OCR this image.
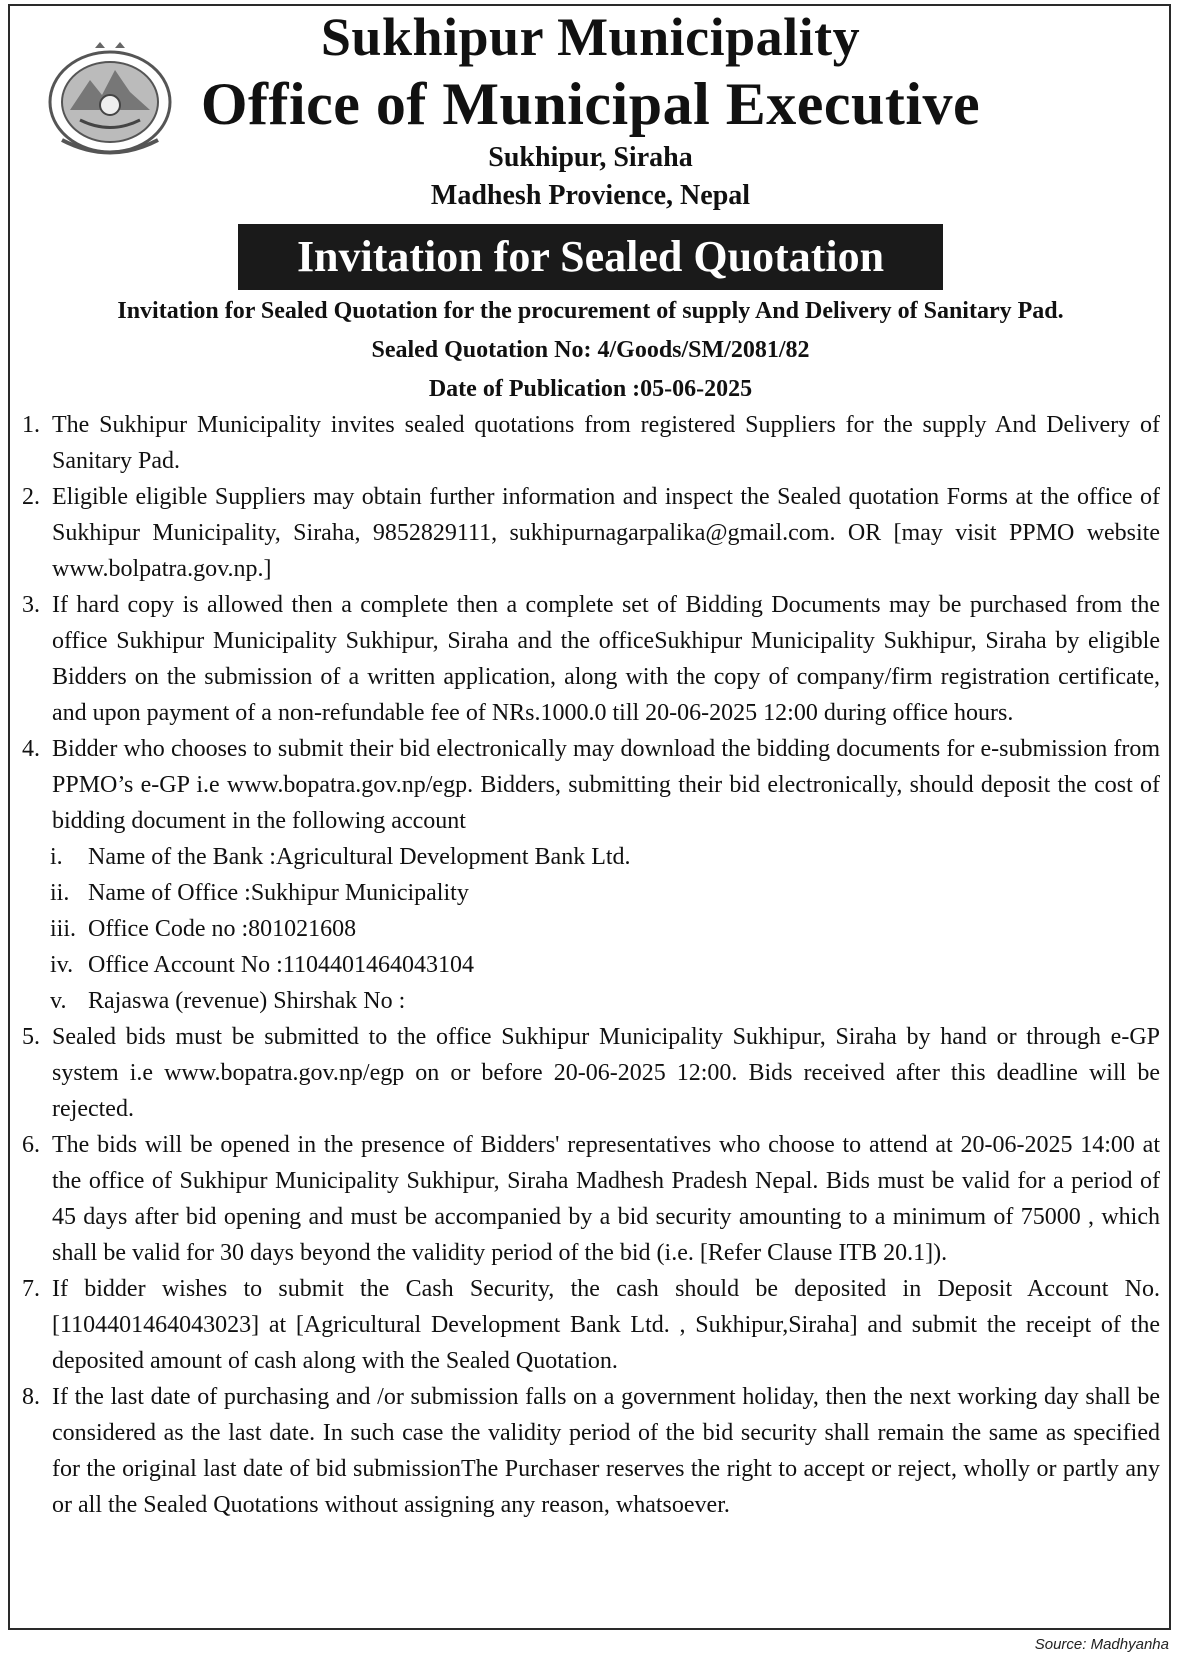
Sukhipur Municipality
Office of Municipal Executive
Sukhipur, Siraha
Madhesh Provience, Nepal
Invitation for Sealed Quotation
Invitation for Sealed Quotation for the procurement of supply And Delivery of Sanitary Pad.
Sealed Quotation No: 4/Goods/SM/2081/82
Date of Publication :05-06-2025

1. The Sukhipur Municipality invites sealed quotations from registered Suppliers for the supply And Delivery of Sanitary Pad.

2. Eligible eligible Suppliers may obtain further information and inspect the Sealed quotation Forms at the office of Sukhipur Municipality, Siraha, 9852829111, sukhipurnagarpalika@gmail.com. OR [may visit PPMO website www.bolpatra.gov.np.]

3. If hard copy is allowed then a complete then a complete set of Bidding Documents may be purchased from the office Sukhipur Municipality Sukhipur, Siraha and the officeSukhipur Municipality Sukhipur, Siraha by eligible Bidders on the submission of a written application, along with the copy of company/firm registration certificate, and upon payment of a non-refundable fee of NRs.1000.0 till 20-06-2025 12:00 during office hours.

4. Bidder who chooses to submit their bid electronically may download the bidding documents for e-submission from PPMO’s e-GP i.e www.bopatra.gov.np/egp. Bidders, submitting their bid electronically, should deposit the cost of bidding document in the following account

i. Name of the Bank :Agricultural Development Bank Ltd.

ii. Name of Office :Sukhipur Municipality

iii. Office Code no :801021608

iv. Office Account No :1104401464043104

v. Rajaswa (revenue) Shirshak No :

5. Sealed bids must be submitted to the office Sukhipur Municipality Sukhipur, Siraha by hand or through e-GP system i.e www.bopatra.gov.np/egp on or before 20-06-2025 12:00. Bids received after this deadline will be rejected.

6. The bids will be opened in the presence of Bidders' representatives who choose to attend at 20-06-2025 14:00 at the office of Sukhipur Municipality Sukhipur, Siraha Madhesh Pradesh Nepal. Bids must be valid for a period of 45 days after bid opening and must be accompanied by a bid security amounting to a minimum of 75000 , which shall be valid for 30 days beyond the validity period of the bid (i.e. [Refer Clause ITB 20.1]).

7. If bidder wishes to submit the Cash Security, the cash should be deposited in Deposit Account No.[1104401464043023] at [Agricultural Development Bank Ltd. , Sukhipur,Siraha] and submit the receipt of the deposited amount of cash along with the Sealed Quotation.

8. If the last date of purchasing and /or submission falls on a government holiday, then the next working day shall be considered as the last date. In such case the validity period of the bid security shall remain the same as specified for the original last date of bid submissionThe Purchaser reserves the right to accept or reject, wholly or partly any or all the Sealed Quotations without assigning any reason, whatsoever.

Source: Madhyanha
